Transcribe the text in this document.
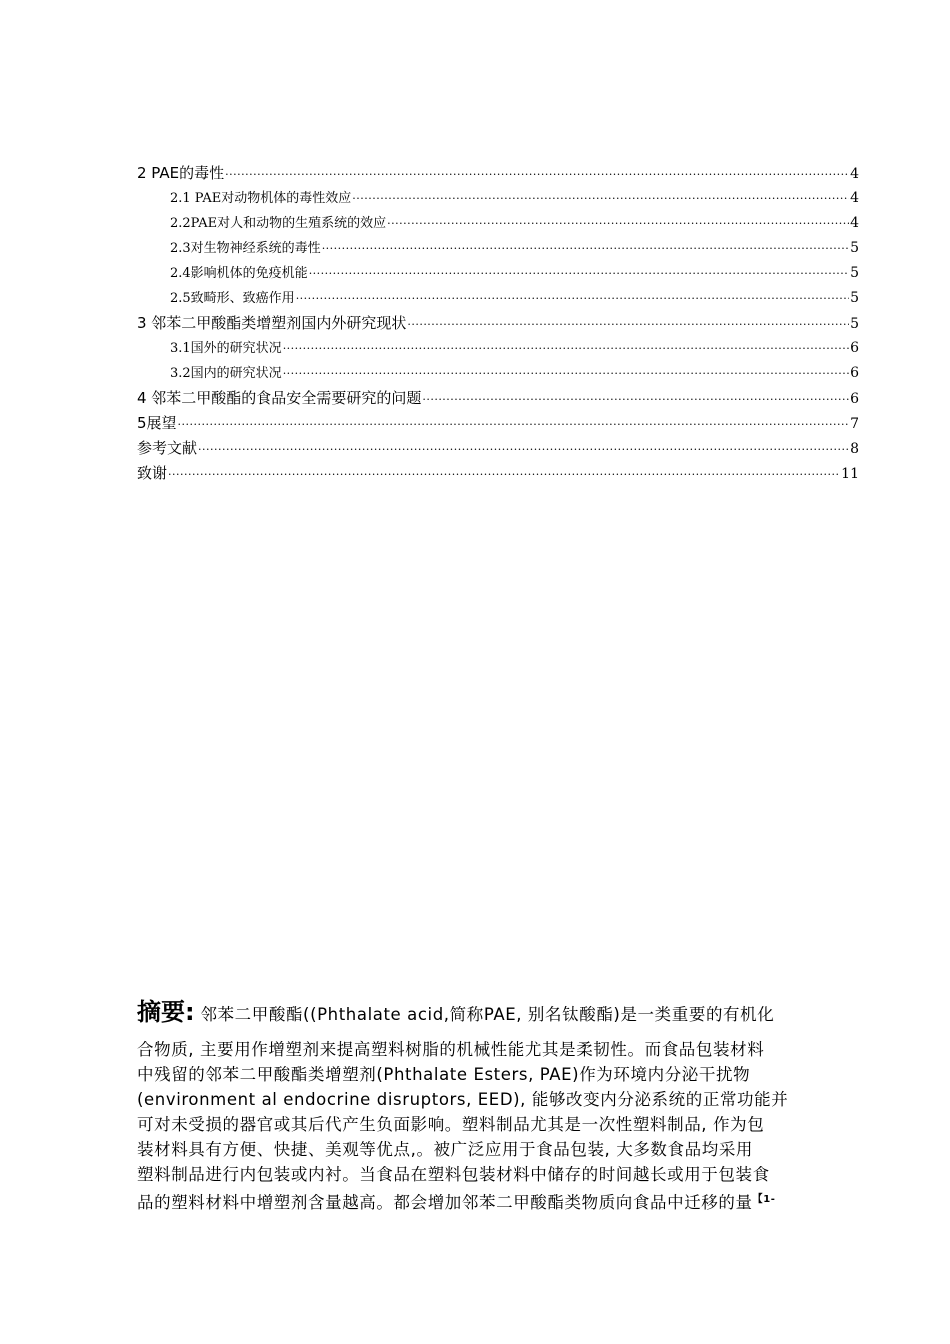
2 PAE的毒性 ·····	4
2.1 PAE对动物机体的毒性效应 ·····	4
2.2PAE对人和动物的生殖系统的效应 ·····	4
2.3对生物神经系统的毒性 ·····	5
2.4影响机体的免疫机能 ·····	5
2.5致畸形、致癌作用 ·····	5
3 邻苯二甲酸酯类增塑剂国内外研究现状 ·····	5
3.1国外的研究状况 ·····	6
3.2国内的研究状况 ·····	6
4 邻苯二甲酸酯的食品安全需要研究的问题 ·····	6
5展望 ·····	7
参考文献 ·····	8
致谢 ·····	11
摘要: 邻苯二甲酸酯((Phthalate acid,简称PAE, 别名钛酸酯)是一类重要的有机化
合物质, 主要用作增塑剂来提高塑料树脂的机械性能尤其是柔韧性。而食品包装材料
中残留的邻苯二甲酸酯类增塑剂(Phthalate Esters, PAE)作为环境内分泌干扰物
(environment al endocrine disruptors, EED), 能够改变内分泌系统的正常功能并
可对未受损的器官或其后代产生负面影响。塑料制品尤其是一次性塑料制品, 作为包
装材料具有方便、快捷、美观等优点,。被广泛应用于食品包装, 大多数食品均采用
塑料制品进行内包装或内衬。当食品在塑料包装材料中储存的时间越长或用于包装食
品的塑料材料中增塑剂含量越高。都会增加邻苯二甲酸酯类物质向食品中迁移的量$^{【1-}$
